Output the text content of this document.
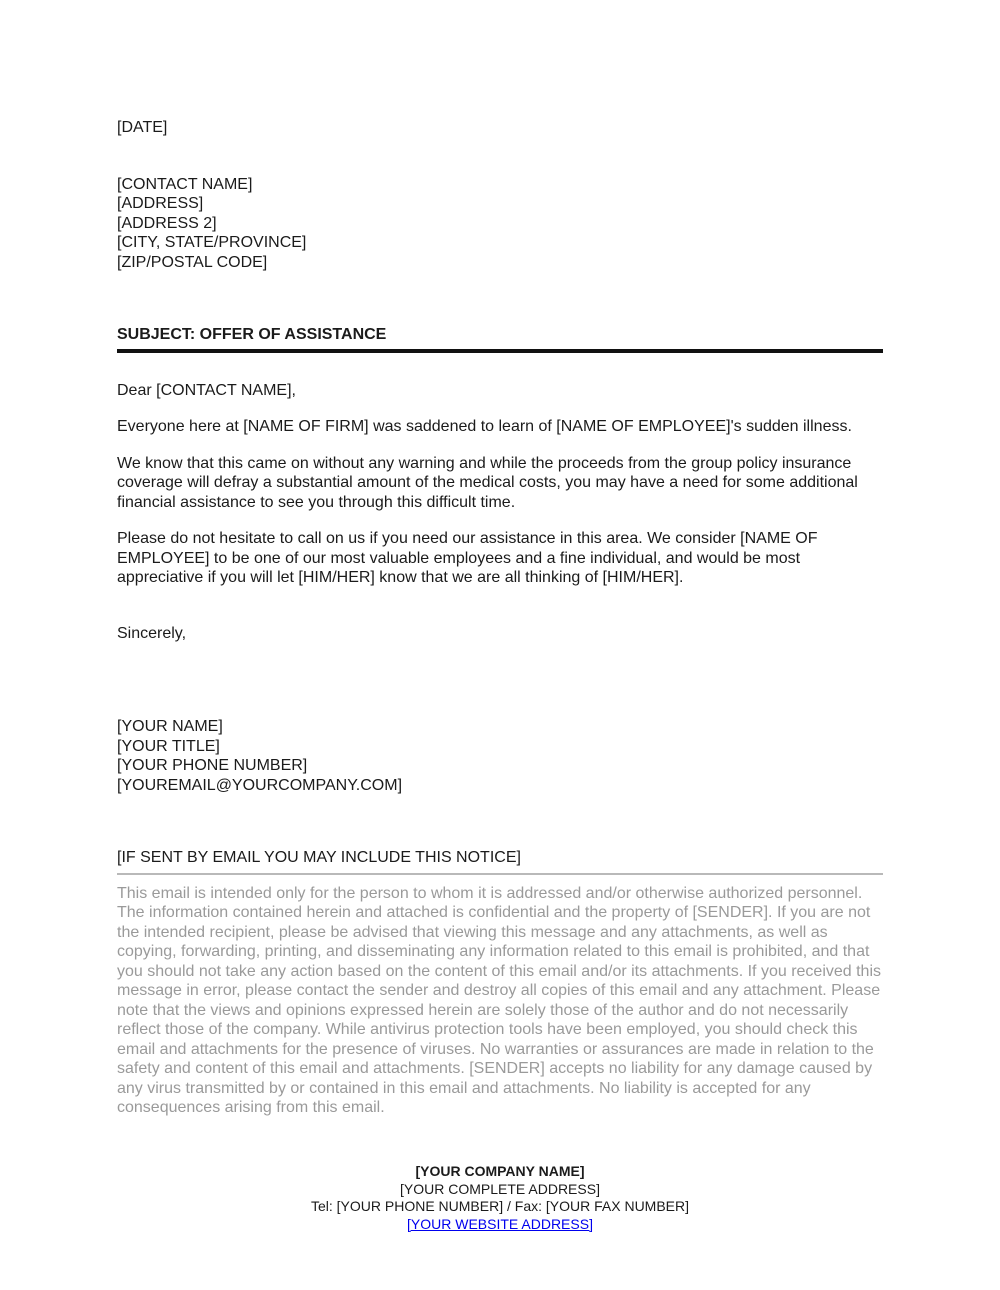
[DATE]

[CONTACT NAME]
[ADDRESS]
[ADDRESS 2]
[CITY, STATE/PROVINCE]
[ZIP/POSTAL CODE]

SUBJECT: OFFER OF ASSISTANCE

Dear [CONTACT NAME],

Everyone here at [NAME OF FIRM] was saddened to learn of [NAME OF EMPLOYEE]'s sudden illness.

We know that this came on without any warning and while the proceeds from the group policy insurance coverage will defray a substantial amount of the medical costs, you may have a need for some additional financial assistance to see you through this difficult time.

Please do not hesitate to call on us if you need our assistance in this area. We consider [NAME OF EMPLOYEE] to be one of our most valuable employees and a fine individual, and would be most appreciative if you will let [HIM/HER] know that we are all thinking of [HIM/HER].

Sincerely,

[YOUR NAME]
[YOUR TITLE]
[YOUR PHONE NUMBER]
[YOUREMAIL@YOURCOMPANY.COM]

[IF SENT BY EMAIL YOU MAY INCLUDE THIS NOTICE]

This email is intended only for the person to whom it is addressed and/or otherwise authorized personnel. The information contained herein and attached is confidential and the property of [SENDER]. If you are not the intended recipient, please be advised that viewing this message and any attachments, as well as copying, forwarding, printing, and disseminating any information related to this email is prohibited, and that you should not take any action based on the content of this email and/or its attachments. If you received this message in error, please contact the sender and destroy all copies of this email and any attachment. Please note that the views and opinions expressed herein are solely those of the author and do not necessarily reflect those of the company. While antivirus protection tools have been employed, you should check this email and attachments for the presence of viruses. No warranties or assurances are made in relation to the safety and content of this email and attachments. [SENDER] accepts no liability for any damage caused by any virus transmitted by or contained in this email and attachments. No liability is accepted for any consequences arising from this email.

[YOUR COMPANY NAME]
[YOUR COMPLETE ADDRESS]
Tel: [YOUR PHONE NUMBER] / Fax: [YOUR FAX NUMBER]
[YOUR WEBSITE ADDRESS]
